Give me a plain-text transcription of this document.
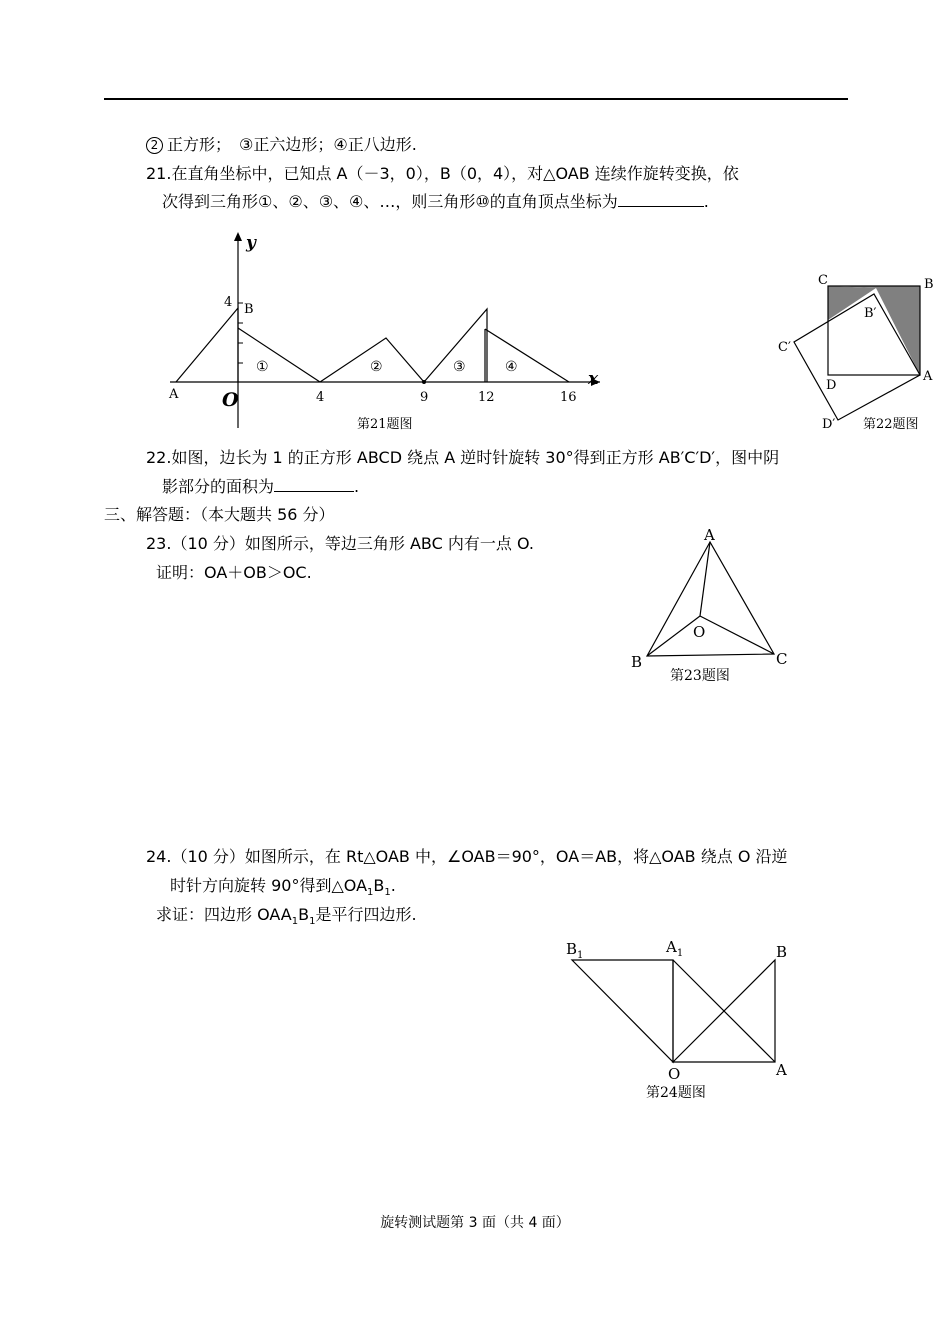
2 正方形；　③正六边形；④正八边形.
21.在直角坐标中，已知点 A（－3，0），B（0，4），对△OAB 连续作旋转变换，依
次得到三角形①、②、③、④、…，则三角形⑩的直角顶点坐标为	.
y
x
O
A
B
4
4	9	12	16
①	②	③	④
第21题图
C	B
B′
C′
D
A
D′ 第22题图
22.如图，边长为 1 的正方形 ABCD 绕点 A 逆时针旋转 30°得到正方形 AB′C′D′，图中阴
影部分的面积为	.
三、解答题：（本大题共 56 分）
23.（10 分）如图所示，等边三角形 ABC 内有一点 O.
证明：OA＋OB＞OC.
A
B	C
O
第23题图
24.（10 分）如图所示，在 Rt△OAB 中，∠OAB＝90°，OA＝AB，将△OAB 绕点 O 沿逆
时针方向旋转 90°得到$\triangle OA_1B_1$.
求证：四边形 $OAA_1B_1$是平行四边形.
$B_1$	$A_1$	B
O	A
第24题图
旋转测试题第 3 面（共 4 面）
